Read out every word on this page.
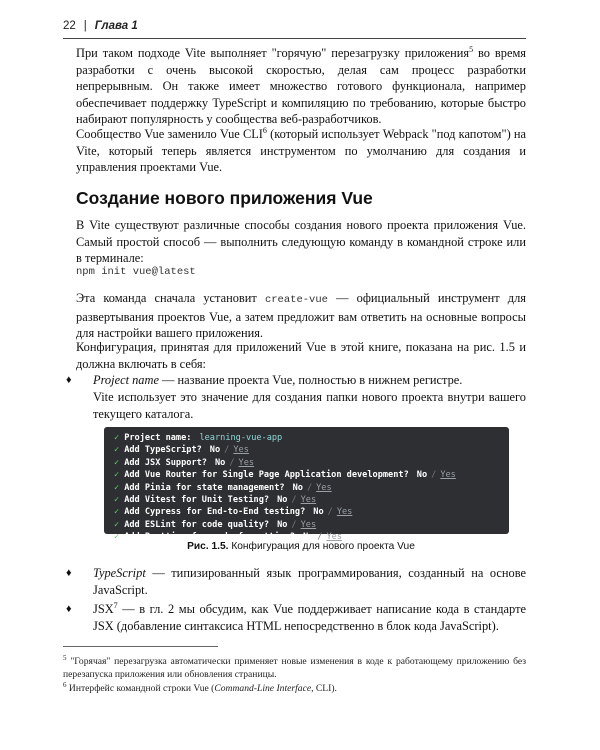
22 | Глава 1

При таком подходе Vite выполняет "горячую" перезагрузку приложения$^5$ во время разработки с очень высокой скоростью, делая сам процесс разработки непрерывным. Он также имеет множество готового функционала, например обеспечивает поддержку TypeScript и компиляцию по требованию, которые быстро набирают популярность у сообщества веб-разработчиков.

Сообщество Vue заменило Vue CLI$^6$ (который использует Webpack "под капотом") на Vite, который теперь является инструментом по умолчанию для создания и управления проектами Vue.

Создание нового приложения Vue

В Vite существуют различные способы создания нового проекта приложения Vue. Самый простой способ — выполнить следующую команду в командной строке или в терминале:

npm init vue@latest

Эта команда сначала установит create-vue — официальный инструмент для развертывания проектов Vue, а затем предложит вам ответить на основные вопросы для настройки вашего приложения.

Конфигурация, принятая для приложений Vue в этой книге, показана на рис. 1.5 и должна включать в себя:

♦ Project name — название проекта Vue, полностью в нижнем регистре.

Vite использует это значение для создания папки нового проекта внутри вашего текущего каталога.

✓ Project name: learning-vue-app
✓ Add TypeScript? No / Yes
✓ Add JSX Support? No / Yes
✓ Add Vue Router for Single Page Application development? No / Yes
✓ Add Pinia for state management? No / Yes
✓ Add Vitest for Unit Testing? No / Yes
✓ Add Cypress for End-to-End testing? No / Yes
✓ Add ESLint for code quality? No / Yes
✓ Add Prettier for code formatting? No / Yes

Рис. 1.5. Конфигурация для нового проекта Vue

♦ TypeScript — типизированный язык программирования, созданный на основе JavaScript.
♦ JSX$^7$ — в гл. 2 мы обсудим, как Vue поддерживает написание кода в стандарте JSX (добавление синтаксиса HTML непосредственно в блок кода JavaScript).

$^5$ "Горячая" перезагрузка автоматически применяет новые изменения в коде к работающему приложению без перезапуска приложения или обновления страницы.

$^6$ Интерфейс командной строки Vue (Command-Line Interface, CLI).
